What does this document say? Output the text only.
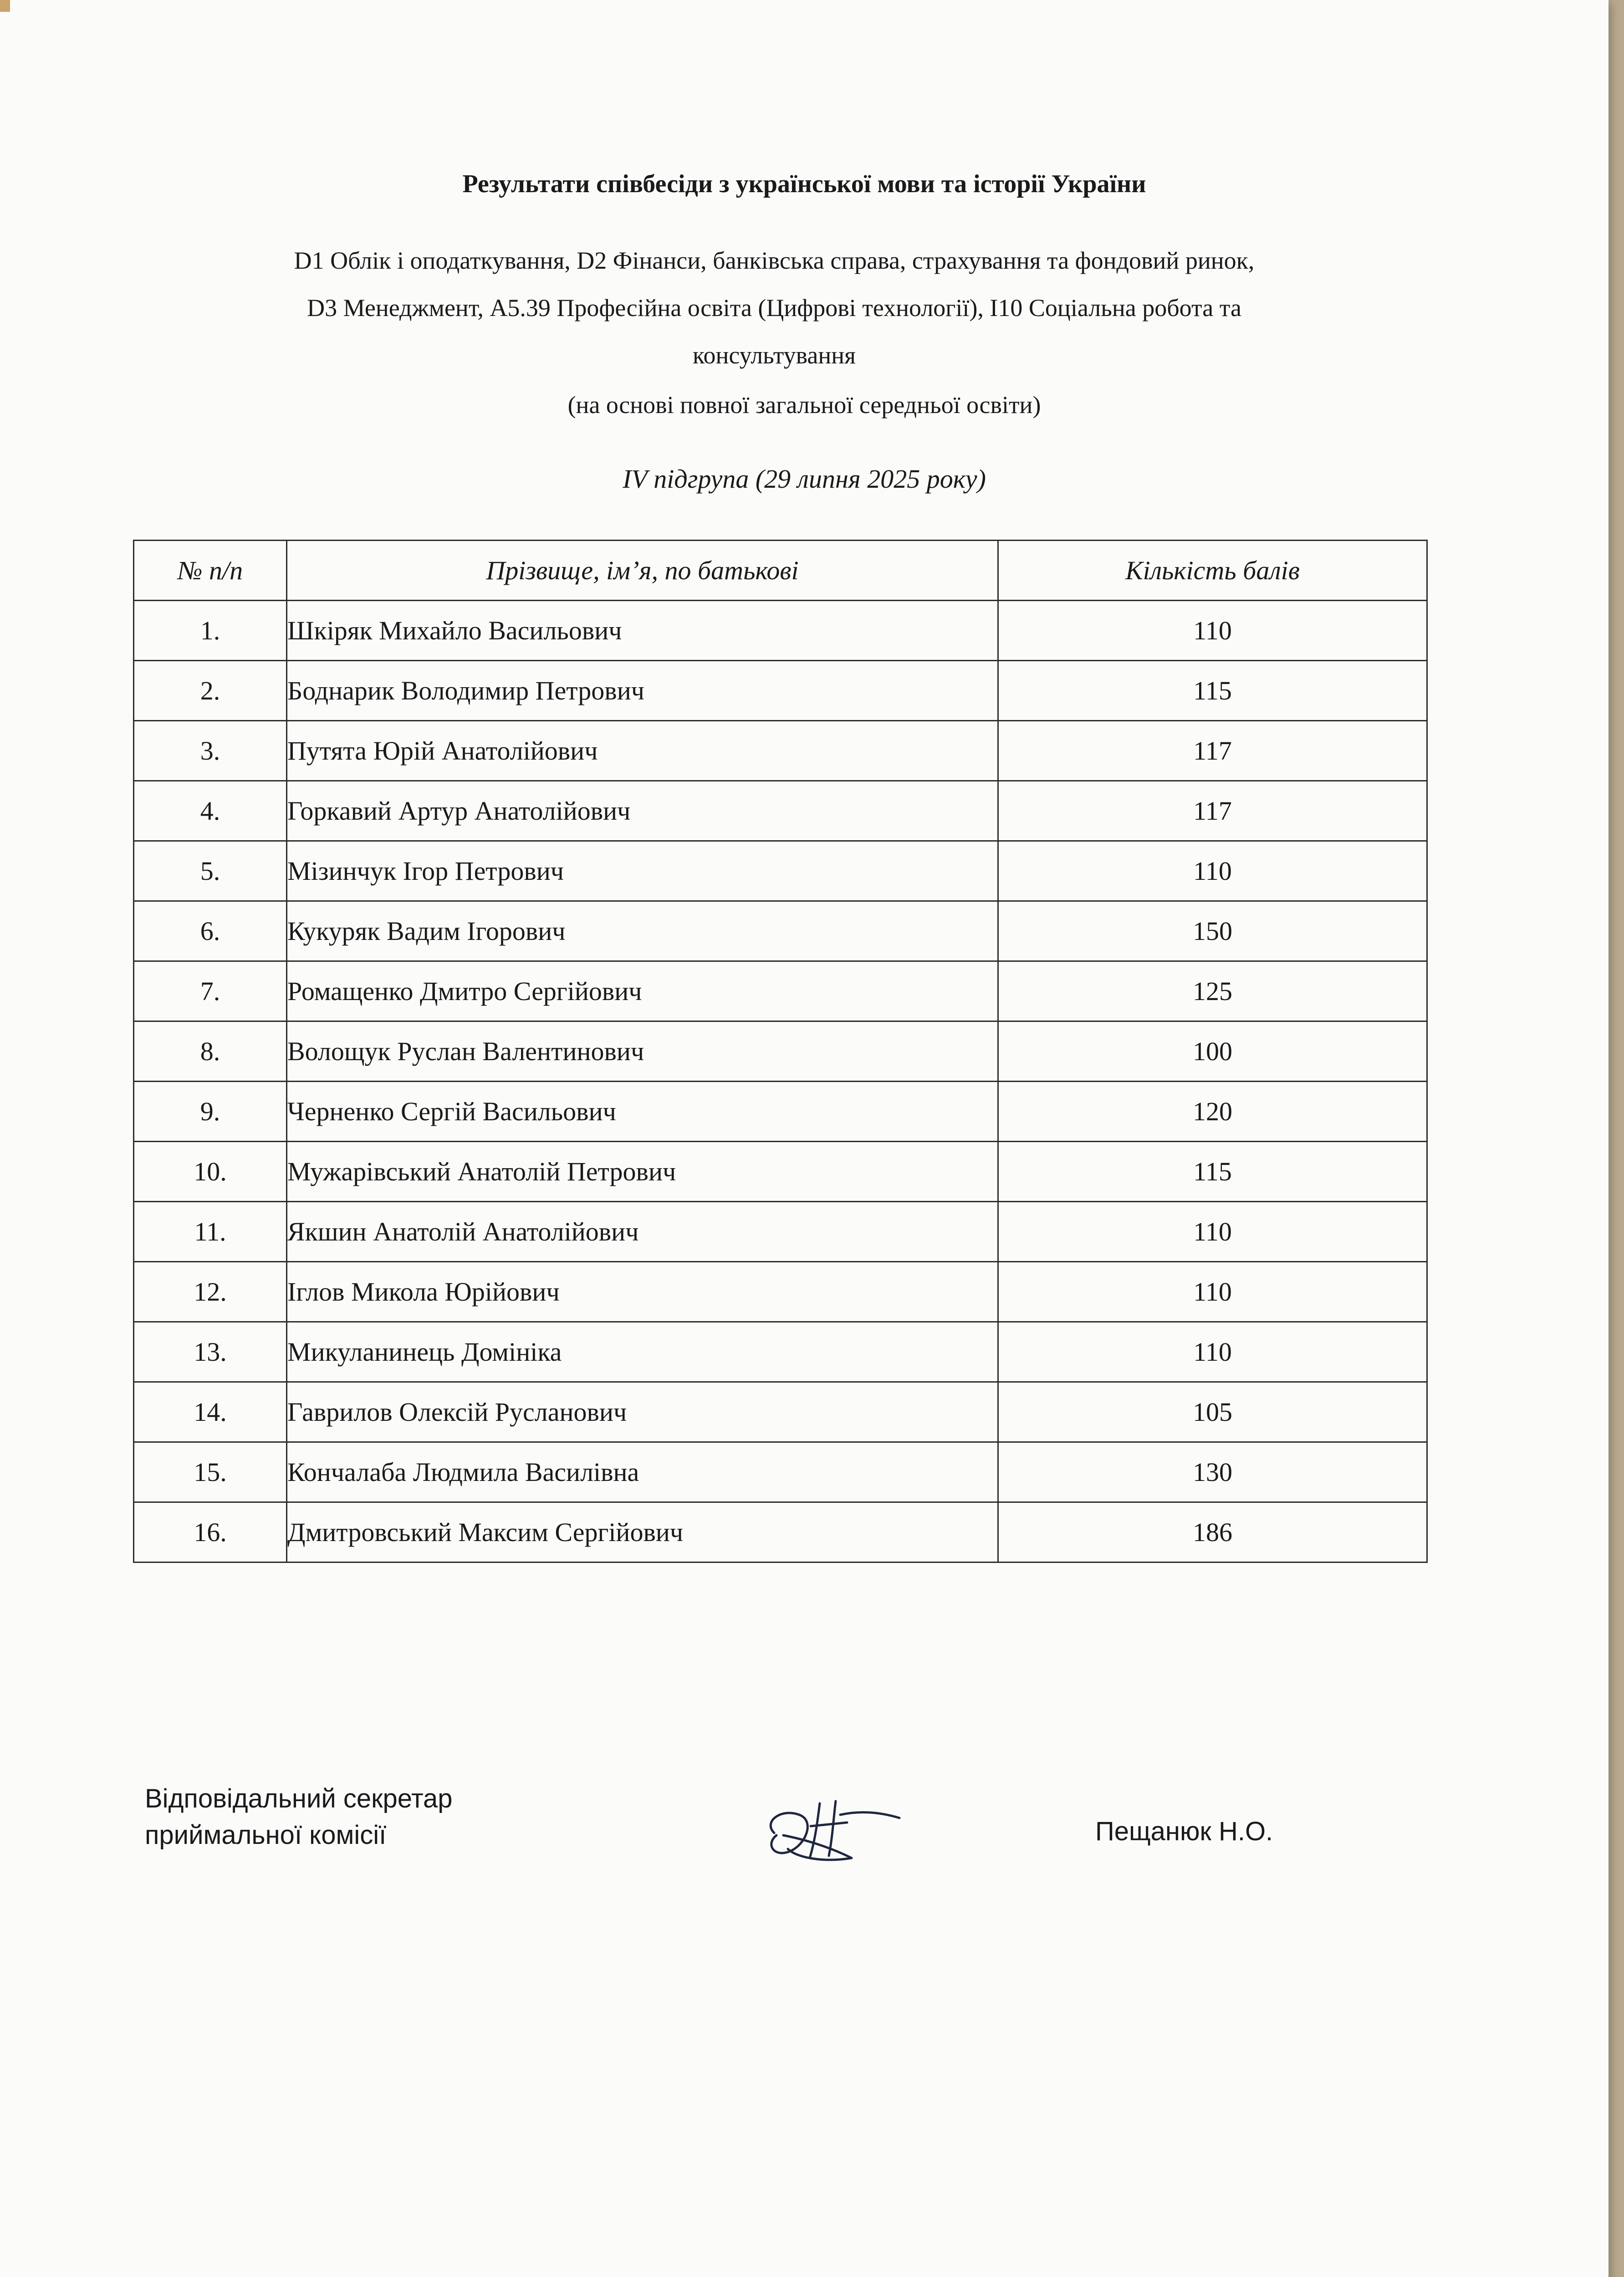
Результати співбесіди з української мови та історії України
D1 Облік і оподаткування, D2 Фінанси, банківська справа, страхування та фондовий ринок,
D3 Менеджмент, A5.39 Професійна освіта (Цифрові технології), I10 Соціальна робота та
консультування
(на основі повної загальної середньої освіти)
IV підгрупа (29 липня 2025 року)
№ п/п	Прізвище, ім’я, по батькові	Кількість балів
1.	Шкіряк Михайло Васильович	110
2.	Боднарик Володимир Петрович	115
3.	Путята Юрій Анатолійович	117
4.	Горкавий Артур Анатолійович	117
5.	Мізинчук Ігор Петрович	110
6.	Кукуряк Вадим Ігорович	150
7.	Ромащенко Дмитро Сергійович	125
8.	Волощук Руслан Валентинович	100
9.	Черненко Сергій Васильович	120
10.	Мужарівський Анатолій Петрович	115
11.	Якшин Анатолій Анатолійович	110
12.	Іглов Микола Юрійович	110
13.	Микуланинець Домініка	110
14.	Гаврилов Олексій Русланович	105
15.	Кончалаба Людмила Василівна	130
16.	Дмитровський Максим Сергійович	186
Відповідальний секретар
приймальної комісії	Пещанюк Н.О.
